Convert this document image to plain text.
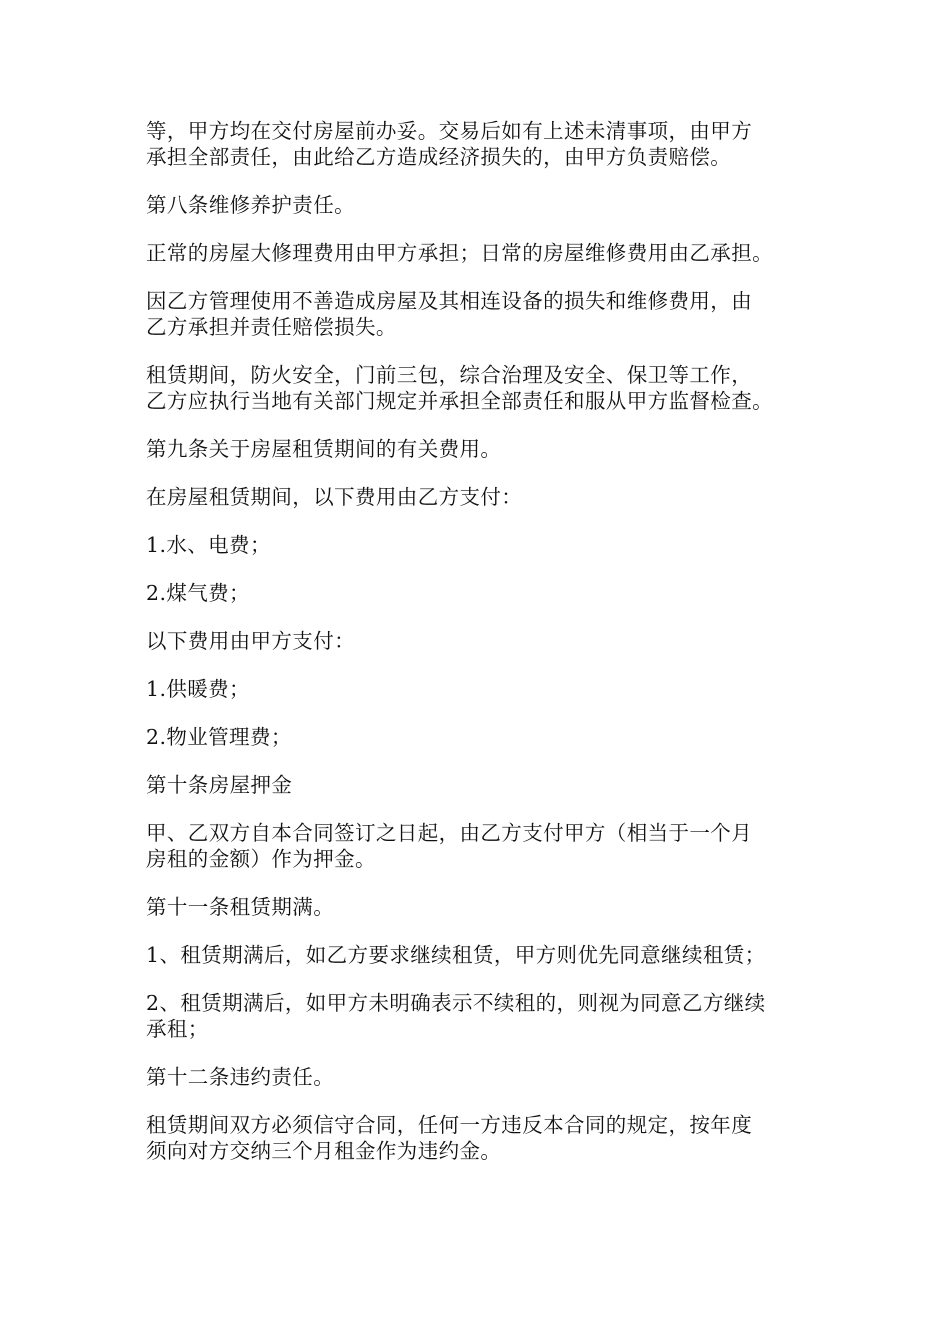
等，甲方均在交付房屋前办妥。交易后如有上述未清事项，由甲方
承担全部责任，由此给乙方造成经济损失的，由甲方负责赔偿。

第八条维修养护责任。

正常的房屋大修理费用由甲方承担；日常的房屋维修费用由乙承担。

因乙方管理使用不善造成房屋及其相连设备的损失和维修费用，由
乙方承担并责任赔偿损失。

租赁期间，防火安全，门前三包，综合治理及安全、保卫等工作，
乙方应执行当地有关部门规定并承担全部责任和服从甲方监督检查。

第九条关于房屋租赁期间的有关费用。

在房屋租赁期间，以下费用由乙方支付：

1.水、电费；

2.煤气费；

以下费用由甲方支付：

1.供暖费；

2.物业管理费；

第十条房屋押金

甲、乙双方自本合同签订之日起，由乙方支付甲方（相当于一个月
房租的金额）作为押金。

第十一条租赁期满。

1、租赁期满后，如乙方要求继续租赁，甲方则优先同意继续租赁；

2、租赁期满后，如甲方未明确表示不续租的，则视为同意乙方继续
承租；

第十二条违约责任。

租赁期间双方必须信守合同，任何一方违反本合同的规定，按年度
须向对方交纳三个月租金作为违约金。
